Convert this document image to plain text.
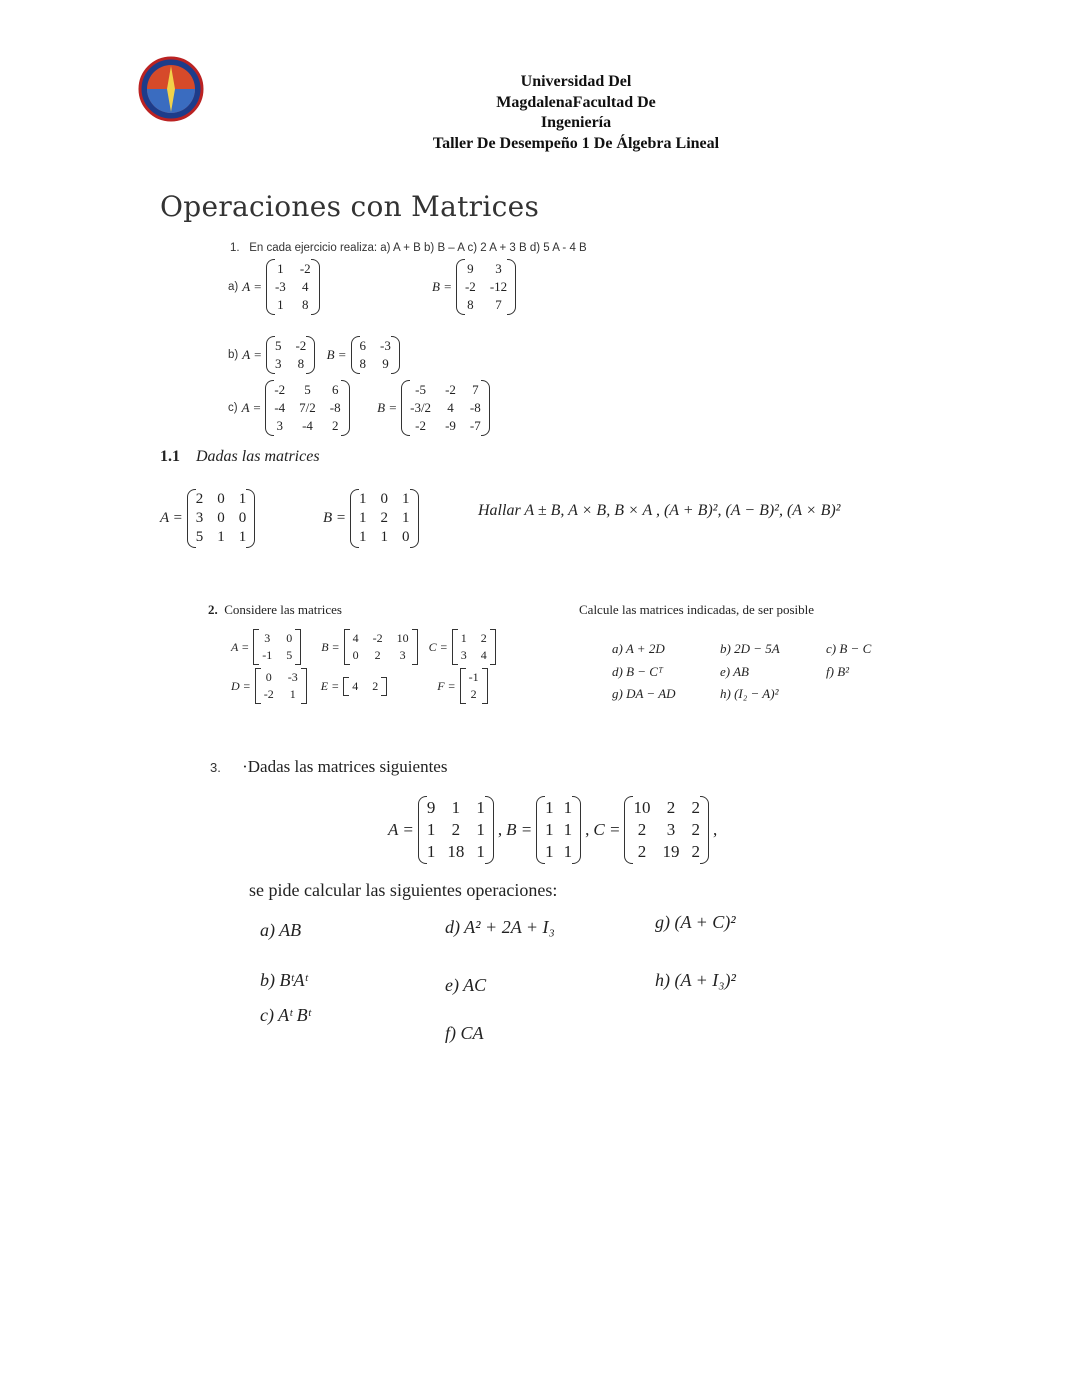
Universidad Del
MagdalenaFacultad De
Ingeniería
Taller De Desempeño 1 De Álgebra Lineal
Operaciones con Matrices
1. En cada ejercicio realiza: a) A + B b) B – A c) 2 A + 3 B d) 5 A - 4 B
a) A =
1 -2
-3 4
1 8
B =
9	3
-2 -12
8	7
b) A =
5 -2
3 8

B =
6 -3
8 9
c) A =
-2	5	6
-4 7/2 -8
3 -4 2

B =
-5	-2 7
-3/2 4 -8
-2	-9 -7
1.1 Dadas las matrices
A =
2 0 1
3 0 0
5 1 1
B =
1 0 1
1 2 1
1 1 0
Hallar A ± B, A × B, B × A , (A + B)², (A − B)², (A × B)²
2. Considere las matrices	Calcule las matrices indicadas, de ser posible
A =
3 0
-1 5

B =
4 -2 10
0 2 3

C =
1 2
3 4
D =
0 -3
-2 1

E = 4 2
	F =
-1
2
a) A + 2D	b) 2D − 5A	c) B − C
d) B − Cᵀ	e) AB	f) B²
g) DA − AD	h) (I₂ − A)²
3. ·Dadas las matrices siguientes
A =
9 1 1
1 2 1
1 18 1
, B =
1 1
1 1
1 1
, C =
10 2 2
2 3 2
2 19 2
,
se pide calcular las siguientes operaciones:
a) AB	d) A² + 2A + I₃	g) (A + C)²
b) BᵗAᵗ	e) AC	h) (A + I₃)²
c) Aᵗ Bᵗ
f) CA
